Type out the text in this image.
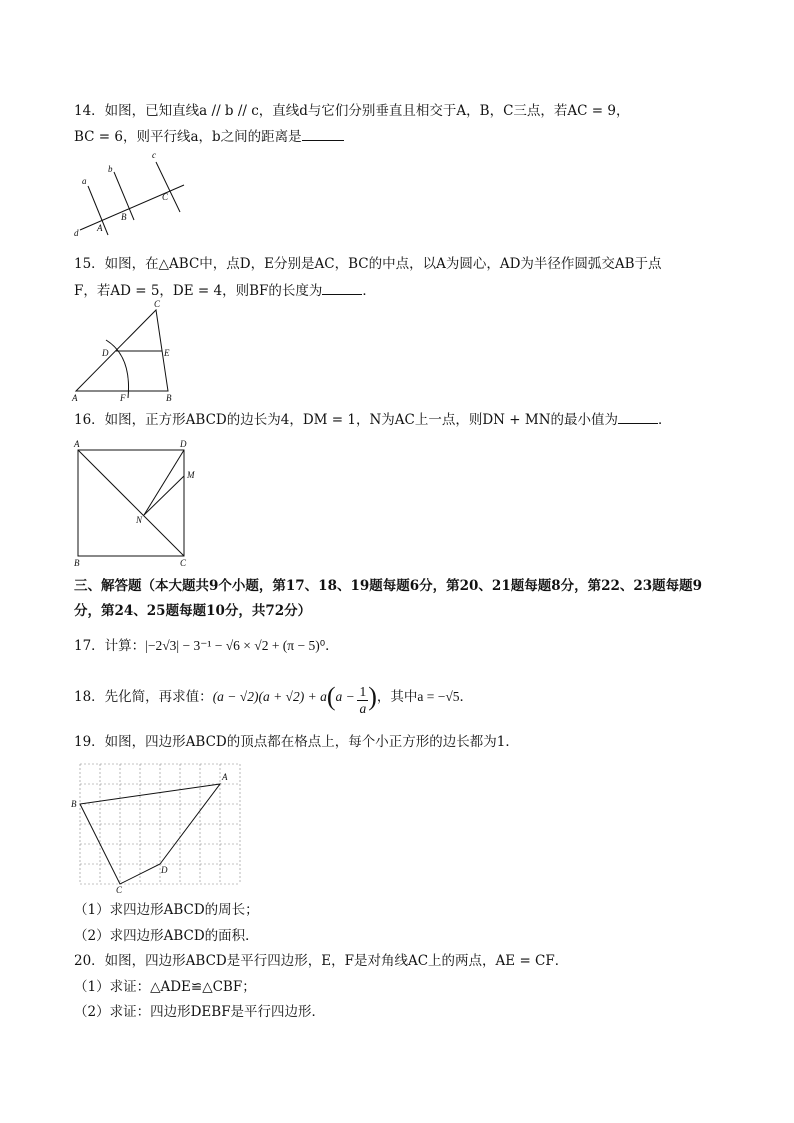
14．如图，已知直线a // b // c，直线d与它们分别垂直且相交于A，B，C三点，若AC = 9，
BC = 6，则平行线a，b之间的距离是
a
b
c
d A
B
C
15．如图，在△ABC中，点D，E分别是AC，BC的中点，以A为圆心，AD为半径作圆弧交AB于点
F，若AD = 5，DE = 4，则BF的长度为	．
A	B
C
D	E
F
16．如图，正方形ABCD的边长为4，DM = 1，N为AC上一点，则DN + MN的最小值为	．
A	D
M
N
B	C
三、解答题（本大题共9个小题，第17、18、19题每题6分，第20、21题每题8分，第22、23题每题9
分，第24、25题每题10分，共72分）
17．计算：|−2√3| − 3⁻¹ − √6 × √2 + (π − 5)⁰．
18．先化简，再求值：$(a - √2)(a + √2) + a(a - \frac{1}{a}$ )，其中a = −√5．
19．如图，四边形ABCD的顶点都在格点上，每个小正方形的边长都为1．
A
B
C
D
（1）求四边形ABCD的周长；
（2）求四边形ABCD的面积．
20．如图，四边形ABCD是平行四边形，E，F是对角线AC上的两点，AE = CF．
（1）求证：△ADE≌△CBF；
（2）求证：四边形DEBF是平行四边形．
